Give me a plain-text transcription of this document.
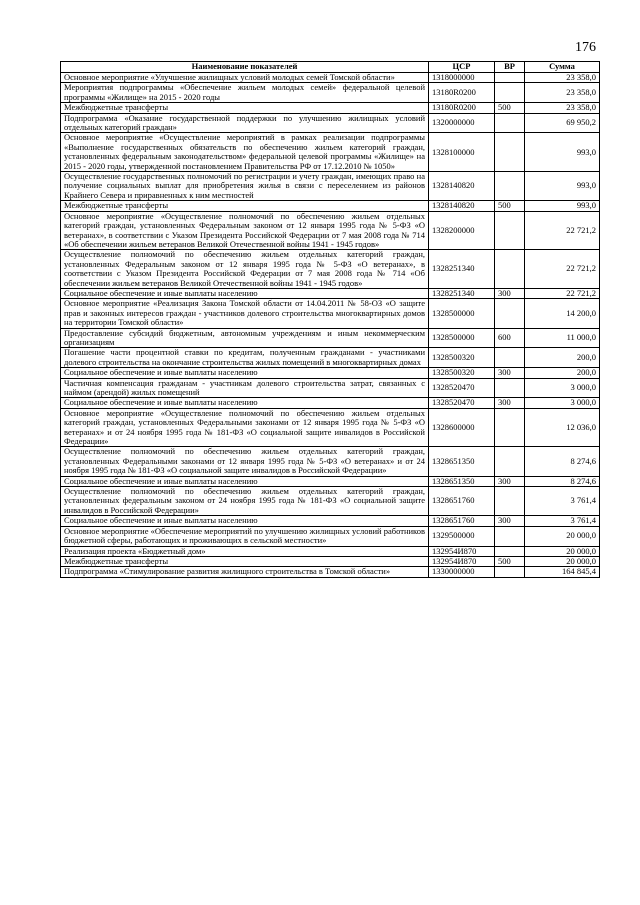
176
Наименование показателей	ЦСР	ВР	Сумма
Основное мероприятие «Улучшение жилищных условий молодых семей Томской области»	1318000000		23 358,0
Мероприятия подпрограммы «Обеспечение жильем молодых семей» федеральной целевой программы «Жилище» на 2015 - 2020 годы	13180R0200		23 358,0
Межбюджетные трансферты	13180R0200	500	23 358,0
Подпрограмма «Оказание государственной поддержки по улучшению жилищных условий отдельных категорий граждан»	1320000000		69 950,2
Основное мероприятие «Осуществление мероприятий в рамках реализации подпрограммы «Выполнение государственных обязательств по обеспечению жильем категорий граждан, установленных федеральным законодательством» федеральной целевой программы «Жилище» на 2015 - 2020 годы, утвержденной постановлением Правительства РФ от 17.12.2010 № 1050»	1328100000		993,0
Осуществление государственных полномочий по регистрации и учету граждан, имеющих право на получение социальных выплат для приобретения жилья в связи с переселением из районов Крайнего Севера и приравненных к ним местностей	1328140820		993,0
Межбюджетные трансферты	1328140820	500	993,0
Основное мероприятие «Осуществление полномочий по обеспечению жильем отдельных категорий граждан, установленных Федеральным законом от 12 января 1995 года № 5-ФЗ «О ветеранах», в соответствии с Указом Президента Российской Федерации от 7 мая 2008 года № 714 «Об обеспечении жильем ветеранов Великой Отечественной войны 1941 - 1945 годов»	1328200000		22 721,2
Осуществление полномочий по обеспечению жильем отдельных категорий граждан, установленных Федеральным законом от 12 января 1995 года № 5-ФЗ «О ветеранах», в соответствии с Указом Президента Российской Федерации от 7 мая 2008 года № 714 «Об обеспечении жильем ветеранов Великой Отечественной войны 1941 - 1945 годов»	1328251340		22 721,2
Социальное обеспечение и иные выплаты населению	1328251340	300	22 721,2
Основное мероприятие «Реализация Закона Томской области от 14.04.2011 № 58-ОЗ «О защите прав и законных интересов граждан - участников долевого строительства многоквартирных домов на территории Томской области»	1328500000		14 200,0
Предоставление субсидий бюджетным, автономным учреждениям и иным некоммерческим организациям	1328500000	600	11 000,0
Погашение части процентной ставки по кредитам, полученным гражданами - участниками долевого строительства на окончание строительства жилых помещений в многоквартирных домах	1328500320		200,0
Социальное обеспечение и иные выплаты населению	1328500320	300	200,0
Частичная компенсация гражданам - участникам долевого строительства затрат, связанных с наймом (арендой) жилых помещений	1328520470		3 000,0
Социальное обеспечение и иные выплаты населению	1328520470	300	3 000,0
Основное мероприятие «Осуществление полномочий по обеспечению жильем отдельных категорий граждан, установленных Федеральными законами от 12 января 1995 года № 5-ФЗ «О ветеранах» и от 24 ноября 1995 года № 181-ФЗ «О социальной защите инвалидов в Российской Федерации»	1328600000		12 036,0
Осуществление полномочий по обеспечению жильем отдельных категорий граждан, установленных Федеральными законами от 12 января 1995 года № 5-ФЗ «О ветеранах» и от 24 ноября 1995 года № 181-ФЗ «О социальной защите инвалидов в Российской Федерации»	1328651350		8 274,6
Социальное обеспечение и иные выплаты населению	1328651350	300	8 274,6
Осуществление полномочий по обеспечению жильем отдельных категорий граждан, установленных федеральным законом от 24 ноября 1995 года № 181-ФЗ «О социальной защите инвалидов в Российской Федерации»	1328651760		3 761,4
Социальное обеспечение и иные выплаты населению	1328651760	300	3 761,4
Основное мероприятие «Обеспечение мероприятий по улучшению жилищных условий работников бюджетной сферы, работающих и проживающих в сельской местности»	1329500000		20 000,0
Реализация проекта «Бюджетный дом»	132954И870		20 000,0
Межбюджетные трансферты	132954И870	500	20 000,0
Подпрограмма «Стимулирование развития жилищного строительства в Томской области»	1330000000		164 845,4
